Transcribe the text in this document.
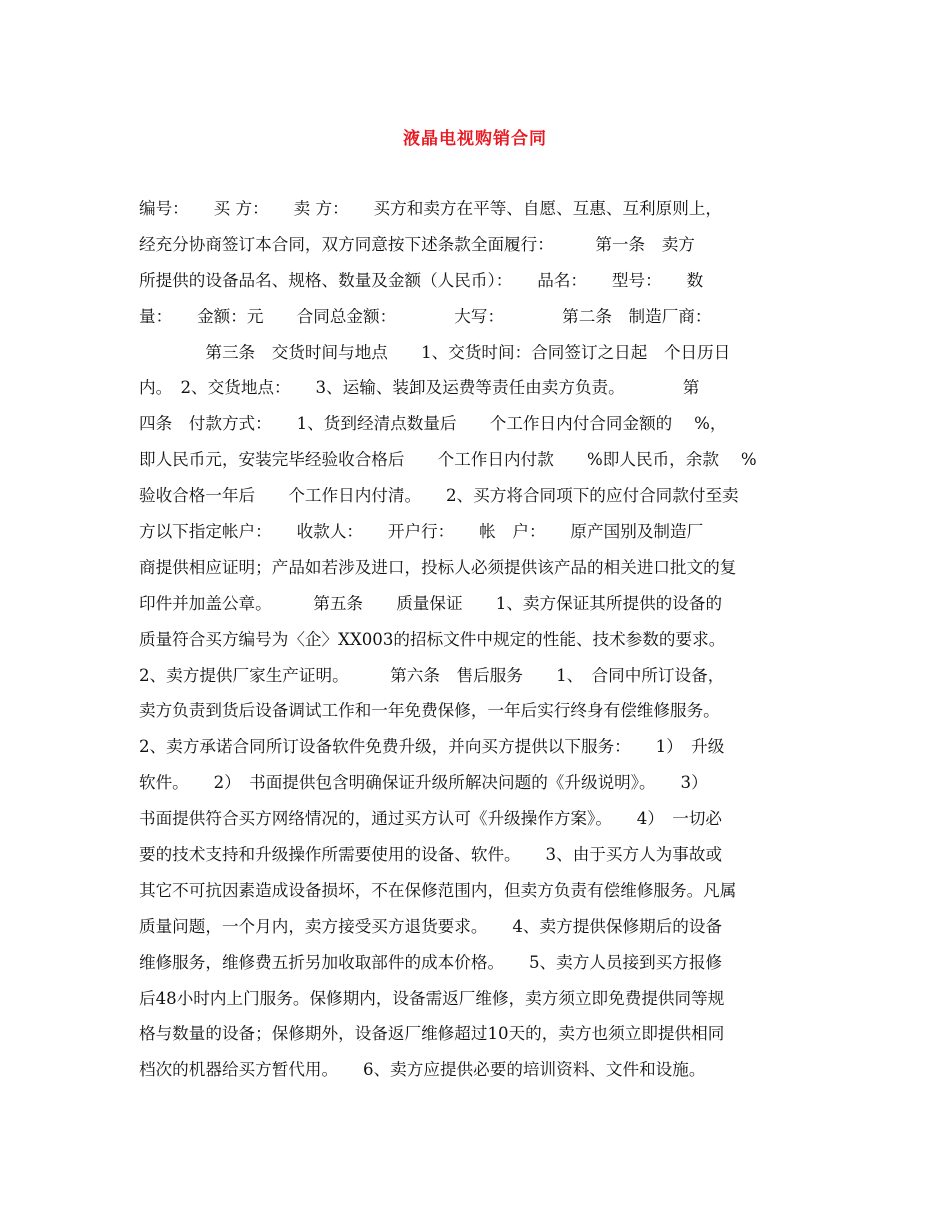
液晶电视购销合同
编号：　　买 方：　　卖 方：　　买方和卖方在平等、自愿、互惠、互利原则上，
经充分协商签订本合同，双方同意按下述条款全面履行：　　　第一条　卖方
所提供的设备品名、规格、数量及金额（人民币）：　　品名：　　型号：　　数
量：　　金额：元　　合同总金额：　　　　大写：　　　　第二条　制造厂商：
　　　　第三条　交货时间与地点　　1、交货时间：合同签订之日起　个日历日
内。　2、交货地点：　　3、运输、装卸及运费等责任由卖方负责。　　　　第
四条　付款方式：　　1、货到经清点数量后　　个工作日内付合同金额的　 %，
即人民币元，安装完毕经验收合格后　　个工作日内付款　　%即人民币，余款　 %
验收合格一年后　　个工作日内付清。　　2、买方将合同项下的应付合同款付至卖
方以下指定帐户：　　收款人：　　开户行：　　帐　户：　　原产国别及制造厂
商提供相应证明；产品如若涉及进口，投标人必须提供该产品的相关进口批文的复
印件并加盖公章。　　　第五条　　质量保证　　1、卖方保证其所提供的设备的
质量符合买方编号为〈企〉XX003的招标文件中规定的性能、技术参数的要求。
2、卖方提供厂家生产证明。　　　第六条　售后服务　　1、　合同中所订设备，
卖方负责到货后设备调试工作和一年免费保修，一年后实行终身有偿维修服务。
2、卖方承诺合同所订设备软件免费升级，并向买方提供以下服务：　　1）　升级
软件。　　2）　书面提供包含明确保证升级所解决问题的《升级说明》。　　3）
书面提供符合买方网络情况的，通过买方认可《升级操作方案》。　　4）　一切必
要的技术支持和升级操作所需要使用的设备、软件。　　3、由于买方人为事故或
其它不可抗因素造成设备损坏，不在保修范围内，但卖方负责有偿维修服务。凡属
质量问题，一个月内，卖方接受买方退货要求。　　4、卖方提供保修期后的设备
维修服务，维修费五折另加收取部件的成本价格。　　5、卖方人员接到买方报修
后48小时内上门服务。保修期内，设备需返厂维修，卖方须立即免费提供同等规
格与数量的设备；保修期外，设备返厂维修超过10天的，卖方也须立即提供相同
档次的机器给买方暂代用。　　6、卖方应提供必要的培训资料、文件和设施。
